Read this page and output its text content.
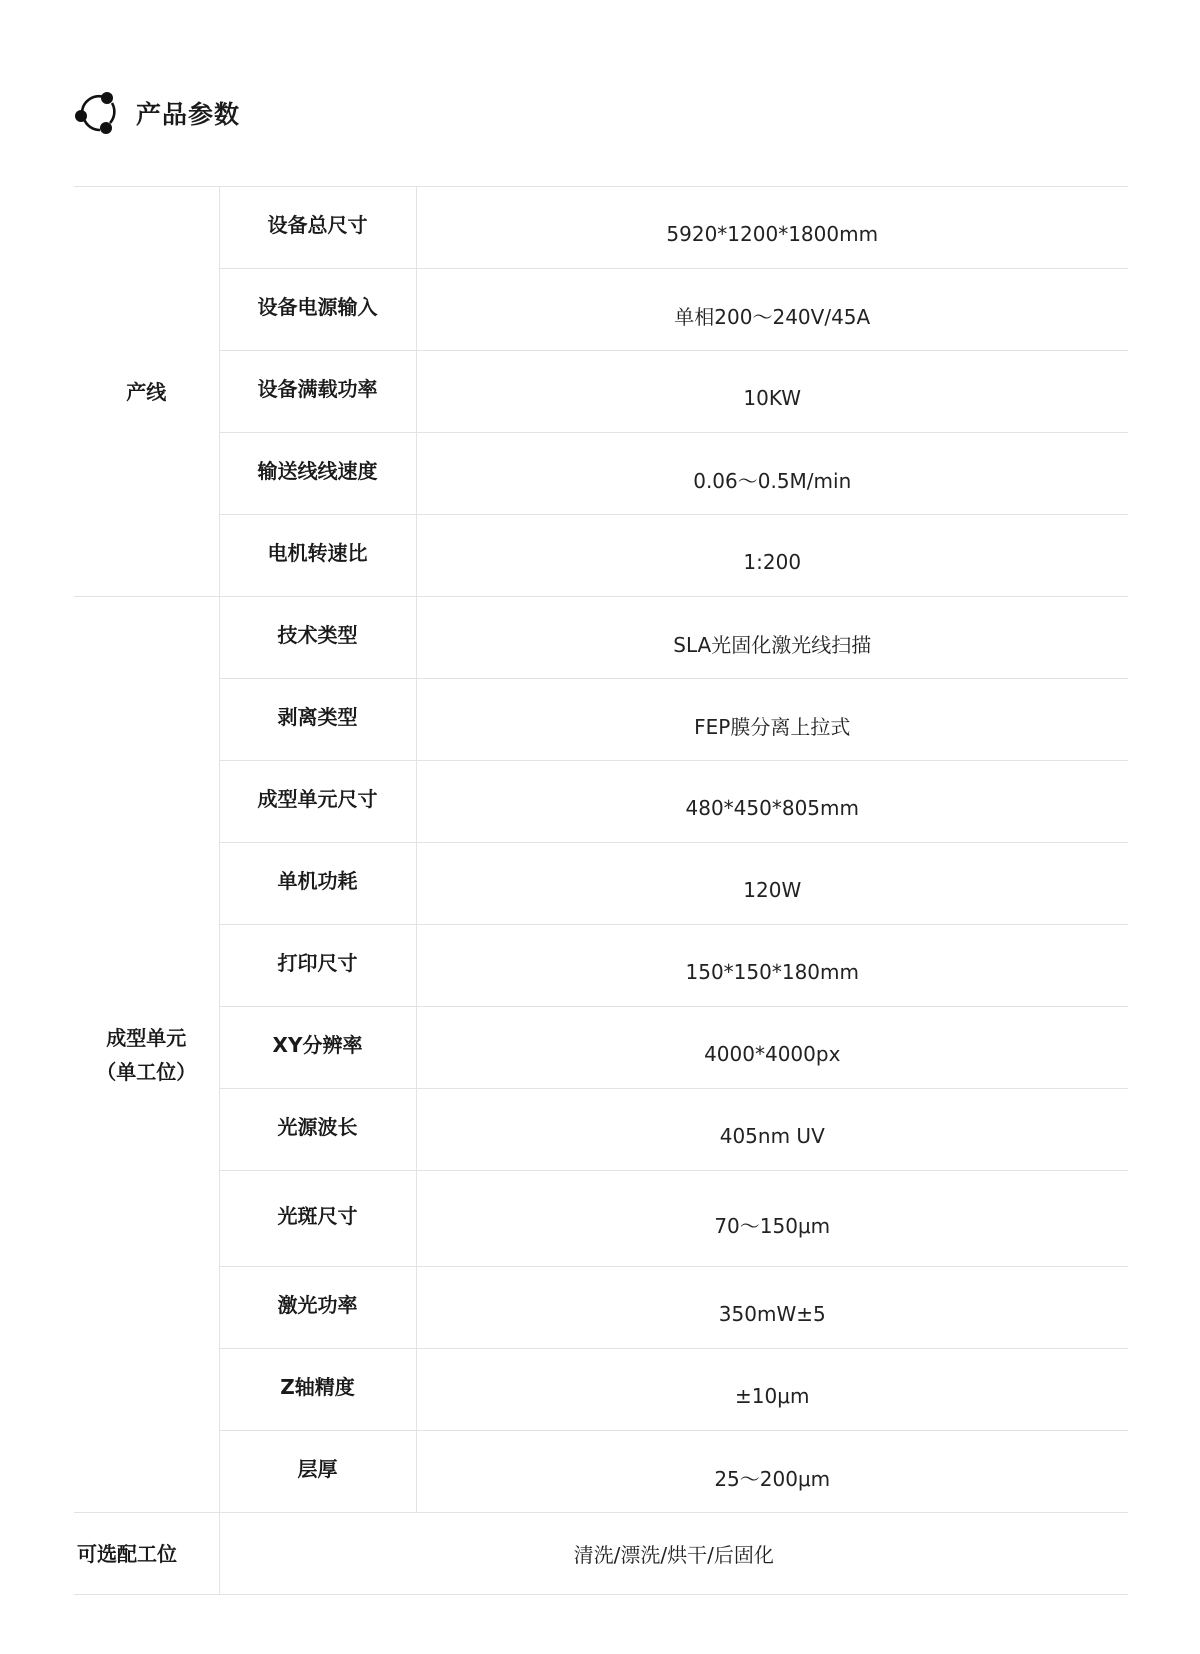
产品参数
产线	设备总尺寸	5920*1200*1800mm
	设备电源输入	单相200～240V/45A
	设备满载功率	10KW
	输送线线速度	0.06～0.5M/min
	电机转速比	1:200

成型单元
（单工位）	技术类型	SLA光固化激光线扫描
	剥离类型	FEP膜分离上拉式
	成型单元尺寸	480*450*805mm
	单机功耗	120W
	打印尺寸	150*150*180mm
	XY分辨率	4000*4000px
	光源波长	405nm UV
	光斑尺寸	70～150μm
	激光功率	350mW±5
	Z轴精度	±10μm
	层厚	25～200μm
可选配工位	清洗/漂洗/烘干/后固化	
